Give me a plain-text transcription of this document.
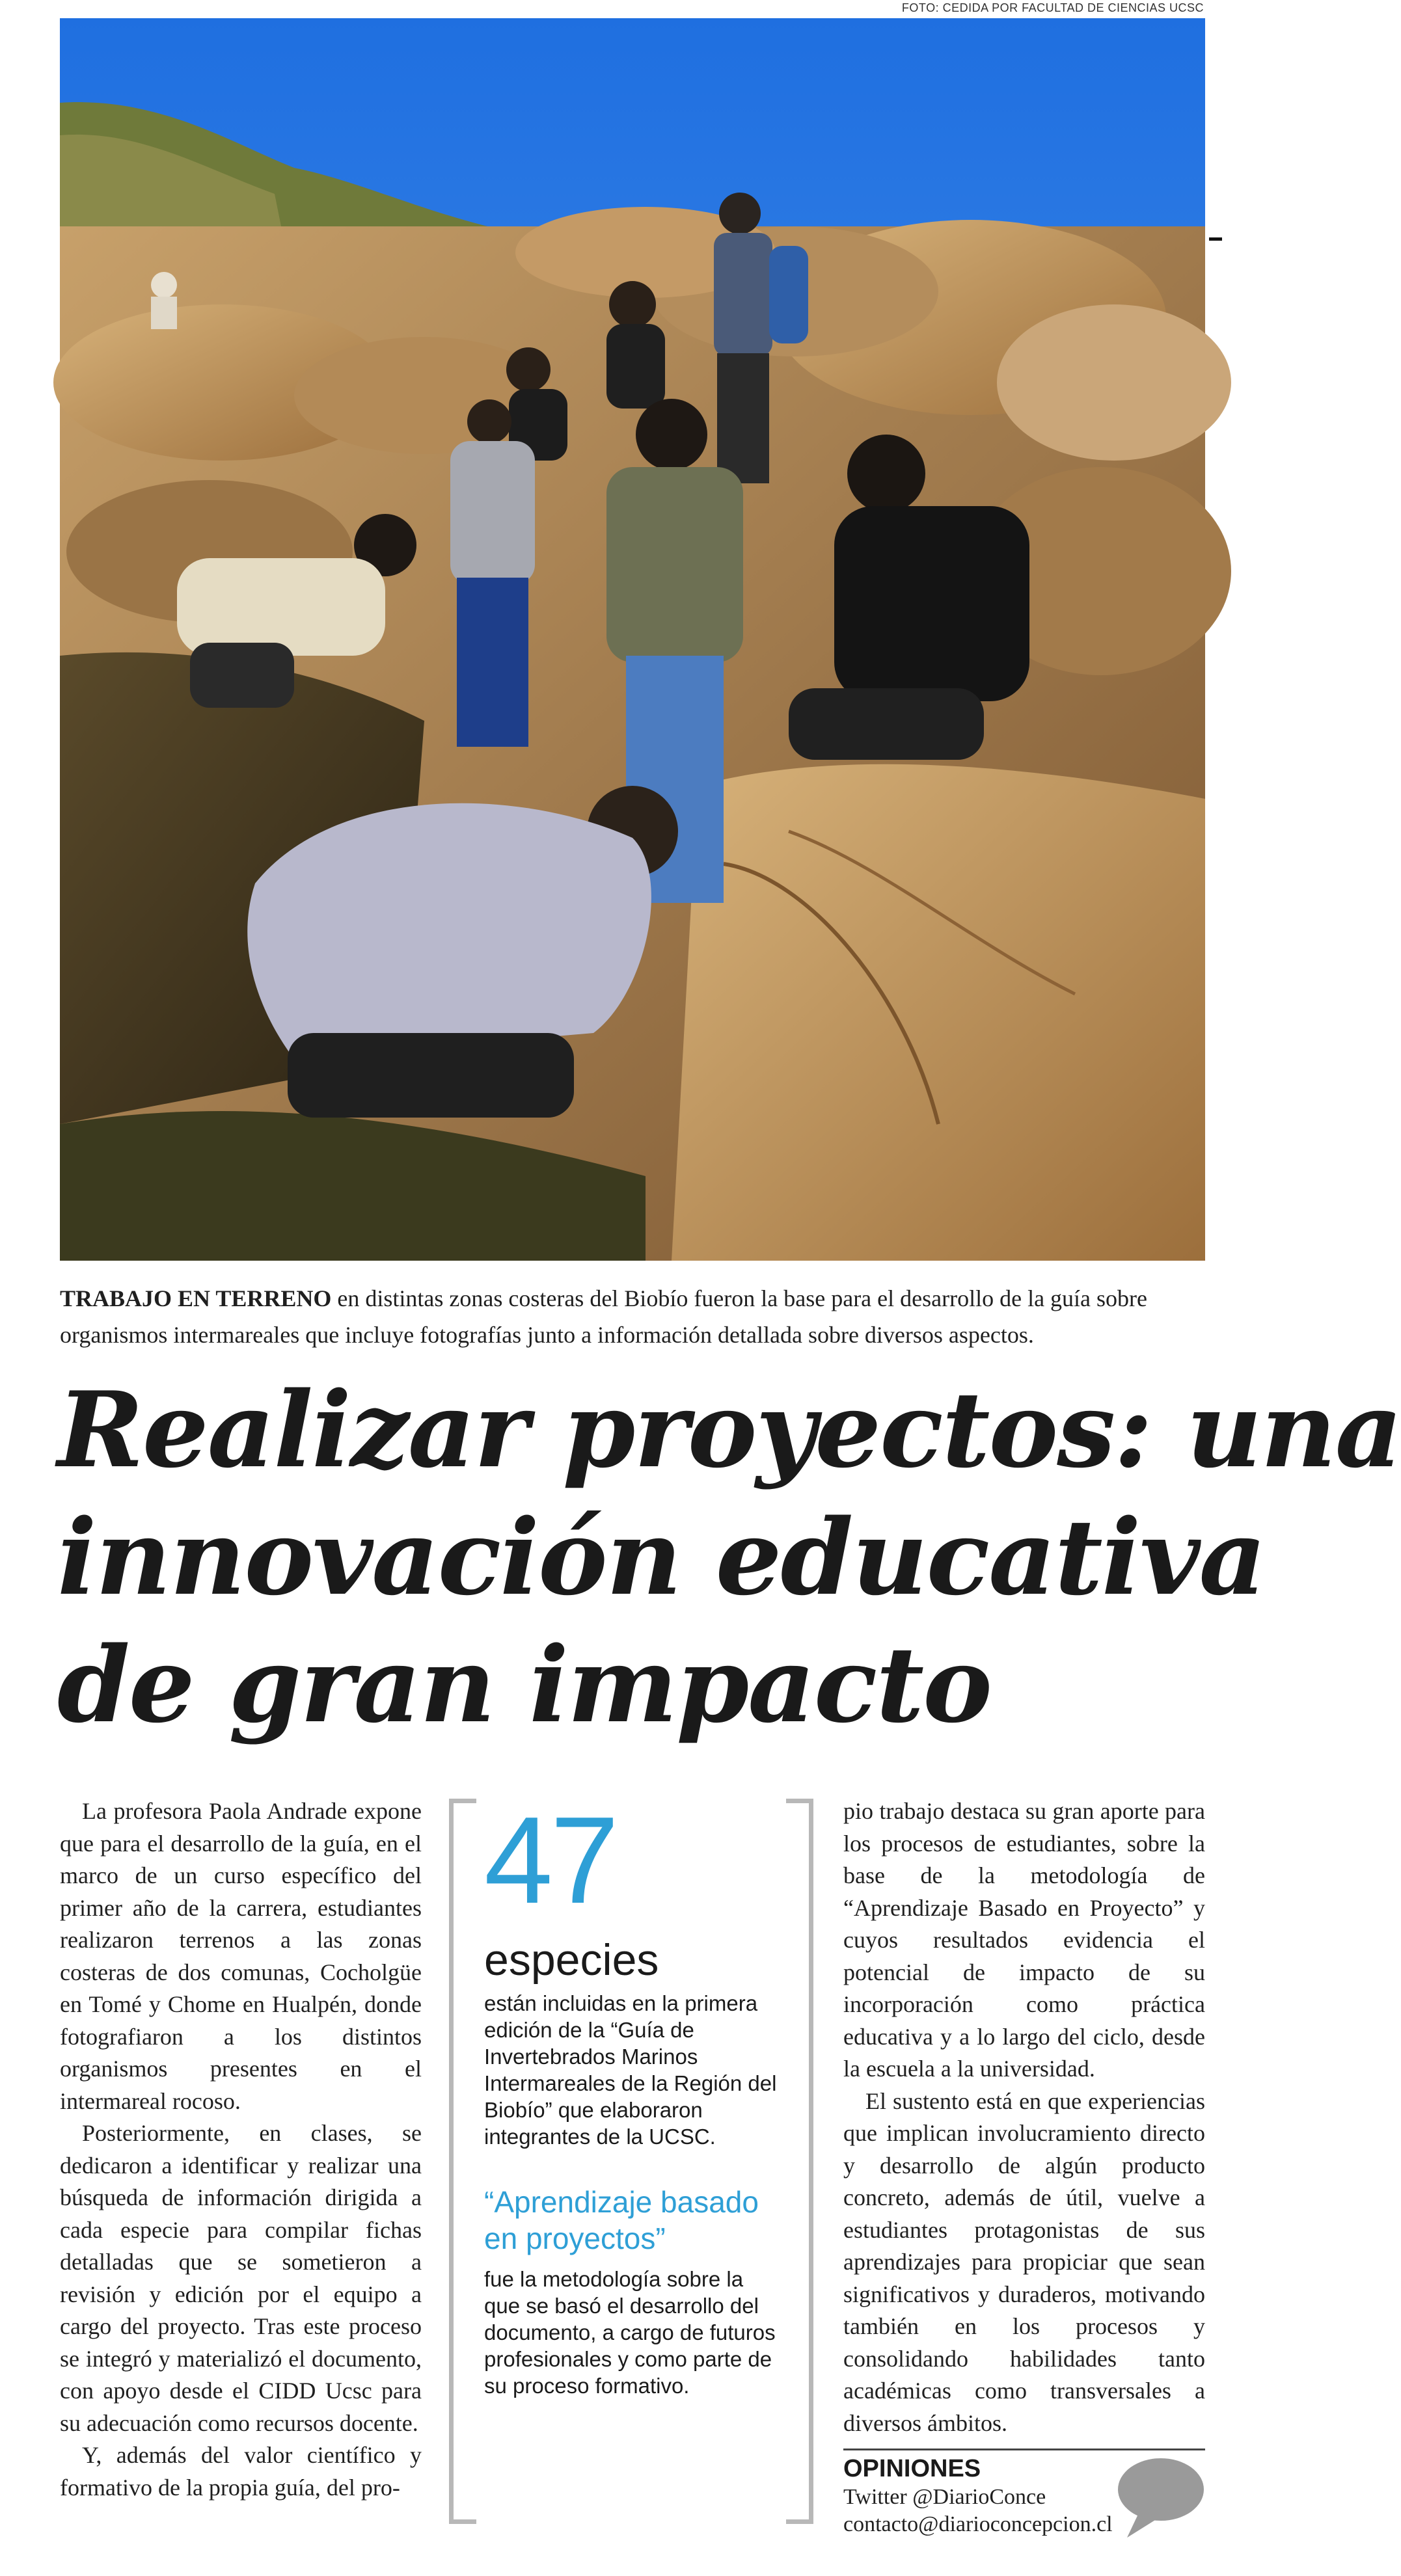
FOTO: CEDIDA POR FACULTAD DE CIENCIAS UCSC
TRABAJO EN TERRENO en distintas zonas costeras del Biobío fueron la base para el desarrollo de la guía sobre organismos intermareales que incluye fotografías junto a información detallada sobre diversos aspectos.
Realizar proyectos: una
innovación educativa
de gran impacto

La profesora Paola Andrade expone que para el desarrollo de la guía, en el marco de un curso específico del primer año de la carrera, estudiantes realizaron terrenos a las zonas costeras de dos comunas, Cocholgüe en Tomé y Chome en Hualpén, donde fotografiaron a los distintos organismos presentes en el intermareal rocoso.

Posteriormente, en clases, se dedicaron a identificar y realizar una búsqueda de información dirigida a cada especie para compilar fichas detalladas que se sometieron a revisión y edición por el equipo a cargo del proyecto. Tras este proceso se integró y materializó el documento, con apoyo desde el CIDD Ucsc para su adecuación como recursos docente.

Y, además del valor científico y formativo de la propia guía, del pro-

47
especies
están incluidas en la primera edición de la “Guía de Invertebrados Marinos Intermareales de la Región del Biobío” que elaboraron integrantes de la UCSC.
“Aprendizaje basado en proyectos”
fue la metodología sobre la que se basó el desarrollo del documento, a cargo de futuros profesionales y como parte de su proceso formativo.

pio trabajo destaca su gran aporte para los procesos de estudiantes, sobre la base de la metodología de “Aprendizaje Basado en Proyecto” y cuyos resultados evidencia el potencial de impacto de su incorporación como práctica educativa y a lo largo del ciclo, desde la escuela a la universidad.

El sustento está en que experiencias que implican involucramiento directo y desarrollo de algún producto concreto, además de útil, vuelve a estudiantes protagonistas de sus aprendizajes para propiciar que sean significativos y duraderos, motivando también en los procesos y consolidando habilidades tanto académicas como transversales a diversos ámbitos.

OPINIONES
Twitter @DiarioConce
contacto@diarioconcepcion.cl
